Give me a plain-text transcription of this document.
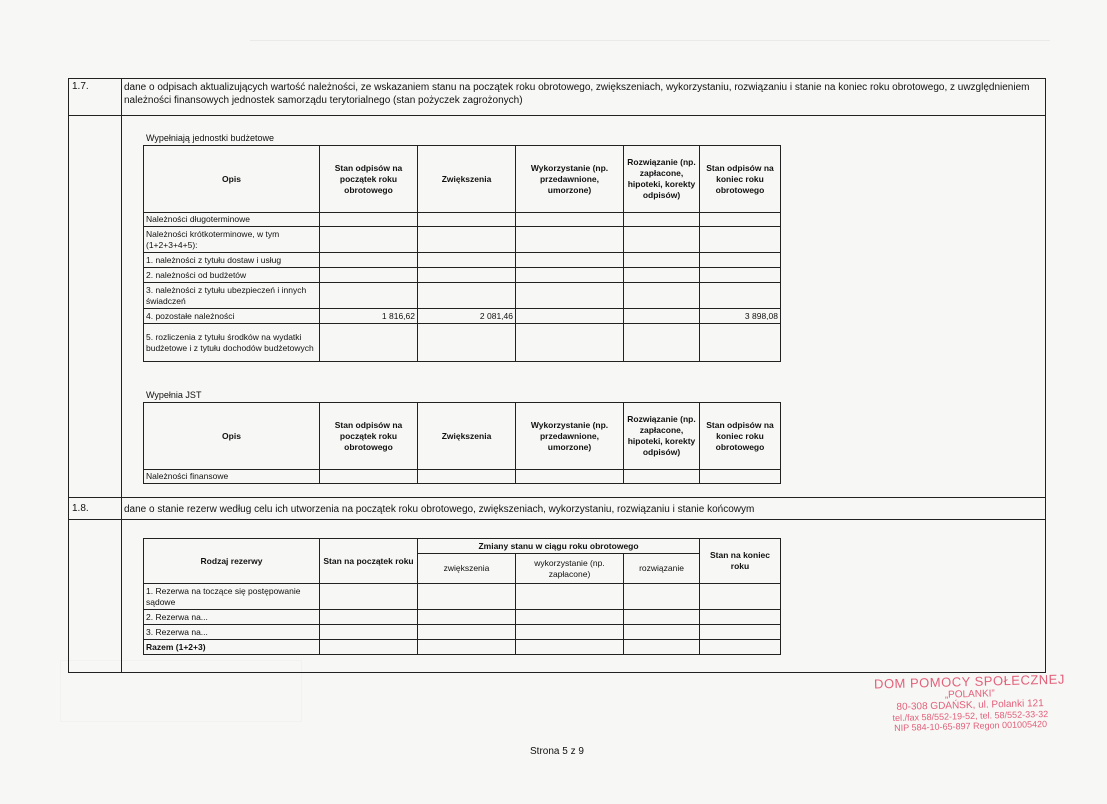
1.7.	dane o odpisach aktualizujących wartość należności, ze wskazaniem stanu na początek roku obrotowego, zwiększeniach, wykorzystaniu, rozwiązaniu i stanie na koniec roku obrotowego, z uwzględnieniem należności finansowych jednostek samorządu terytorialnego (stan pożyczek zagrożonych)
Wypełniają jednostki budżetowe
Opis	Stan odpisów na początek roku obrotowego	Zwiększenia	Wykorzystanie (np. przedawnione, umorzone)	Rozwiązanie (np. zapłacone, hipoteki, korekty odpisów)	Stan odpisów na koniec roku obrotowego
Należności długoterminowe					
Należności krótkoterminowe, w tym (1+2+3+4+5):					
1. należności z tytułu dostaw i usług					
2. należności od budżetów					
3. należności z tytułu ubezpieczeń i innych świadczeń					
4. pozostałe należności	1 816,62	2 081,46			3 898,08
5. rozliczenia z tytułu środków na wydatki budżetowe i z tytułu dochodów budżetowych					
Wypełnia JST
Opis	Stan odpisów na początek roku obrotowego	Zwiększenia	Wykorzystanie (np. przedawnione, umorzone)	Rozwiązanie (np. zapłacone, hipoteki, korekty odpisów)	Stan odpisów na koniec roku obrotowego
Należności finansowe					
1.8.	dane o stanie rezerw według celu ich utworzenia na początek roku obrotowego, zwiększeniach, wykorzystaniu, rozwiązaniu i stanie końcowym
Rodzaj rezerwy	Stan na początek roku	Zmiany stanu w ciągu roku obrotowego			Stan na koniec roku
		zwiększenia	wykorzystanie (np. zapłacone)	rozwiązanie	
1. Rezerwa na toczące się postępowanie sądowe					
2. Rezerwa na...					
3. Rezerwa na...					
Razem (1+2+3)					
Strona 5 z 9
DOM POMOCY SPOŁECZNEJ
„POLANKI”
80-308 GDAŃSK, ul. Polanki 121
tel./fax 58/552-19-52, tel. 58/552-33-32
NIP 584-10-65-897 Regon 001005420
